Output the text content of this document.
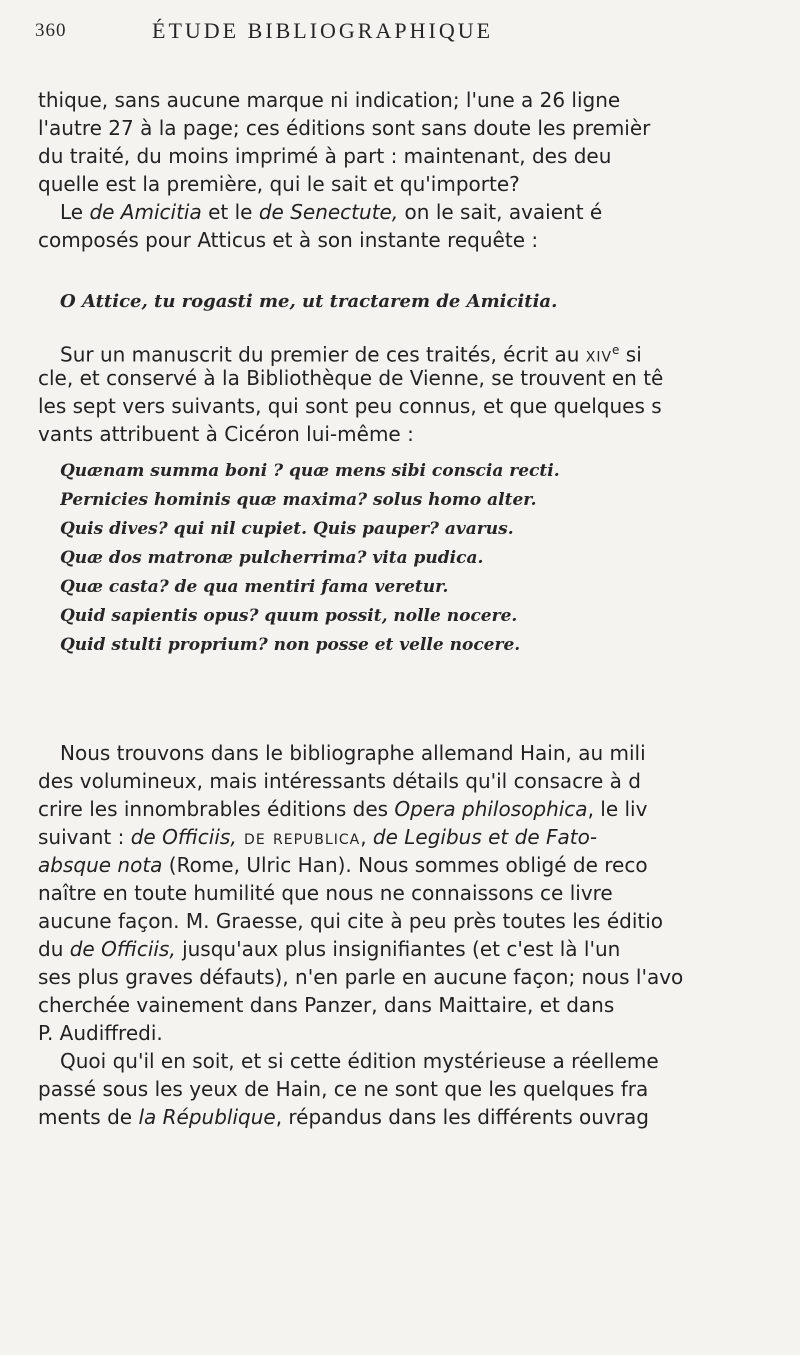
360	ÉTUDE BIBLIOGRAPHIQUE
thique, sans aucune marque ni indication; l'une a 26 ligne
l'autre 27 à la page; ces éditions sont sans doute les premièr
du traité, du moins imprimé à part : maintenant, des deu
quelle est la première, qui le sait et qu'importe?
Le de Amicitia et le de Senectute, on le sait, avaient é
composés pour Atticus et à son instante requête :
O Attice, tu rogasti me, ut tractarem de Amicitia.
Sur un manuscrit du premier de ces traités, écrit au xiv$^e$ si
cle, et conservé à la Bibliothèque de Vienne, se trouvent en tê
les sept vers suivants, qui sont peu connus, et que quelques s
vants attribuent à Cicéron lui-même :
Quænam summa boni ? quæ mens sibi conscia recti.
Pernicies hominis quæ maxima? solus homo alter.
Quis dives? qui nil cupiet. Quis pauper? avarus.
Quæ dos matronæ pulcherrima? vita pudica.
Quæ casta? de qua mentiri fama veretur.
Quid sapientis opus? quum possit, nolle nocere.
Quid stulti proprium? non posse et velle nocere.
Nous trouvons dans le bibliographe allemand Hain, au mili
des volumineux, mais intéressants détails qu'il consacre à d
crire les innombrables éditions des Opera philosophica, le liv
suivant : de Officiis, de republica, de Legibus et de Fato-
absque nota (Rome, Ulric Han). Nous sommes obligé de reco
naître en toute humilité que nous ne connaissons ce livre
aucune façon. M. Graesse, qui cite à peu près toutes les éditio
du de Officiis, jusqu'aux plus insignifiantes (et c'est là l'un
ses plus graves défauts), n'en parle en aucune façon; nous l'avo
cherchée vainement dans Panzer, dans Maittaire, et dans
P. Audiffredi.
Quoi qu'il en soit, et si cette édition mystérieuse a réelleme
passé sous les yeux de Hain, ce ne sont que les quelques fra
ments de la République, répandus dans les différents ouvrag
